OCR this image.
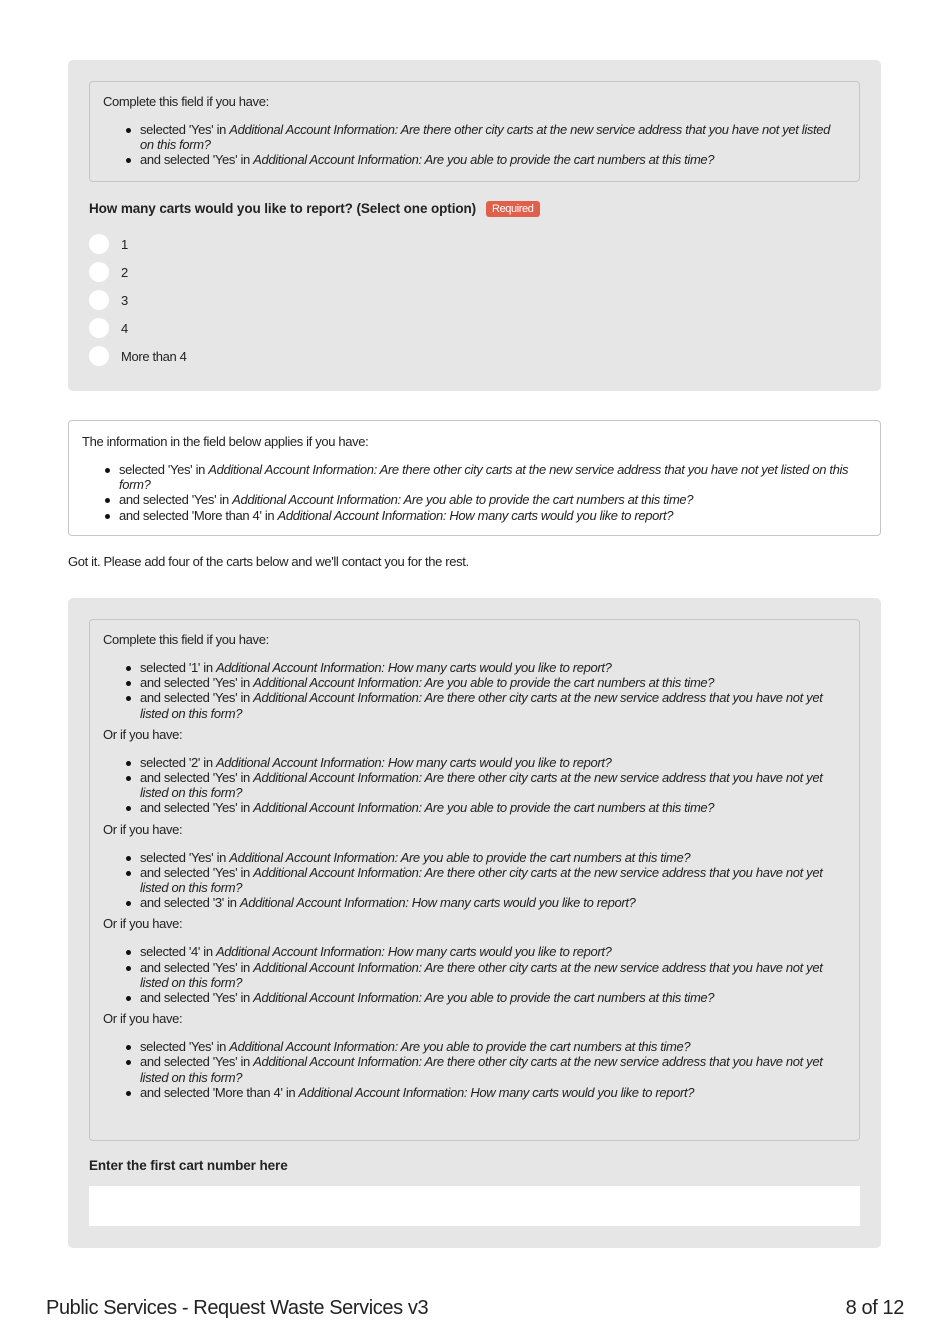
Complete this field if you have:

selected 'Yes' in Additional Account Information: Are there other city carts at the new service address that you have not yet listed on this form?
and selected 'Yes' in Additional Account Information: Are you able to provide the cart numbers at this time?
How many carts would you like to report? (Select one option) Required
1
2
3
4
More than 4

The information in the field below applies if you have:

selected 'Yes' in Additional Account Information: Are there other city carts at the new service address that you have not yet listed on this form?
and selected 'Yes' in Additional Account Information: Are you able to provide the cart numbers at this time?
and selected 'More than 4' in Additional Account Information: How many carts would you like to report?
Got it. Please add four of the carts below and we'll contact you for the rest.

Complete this field if you have:

selected '1' in Additional Account Information: How many carts would you like to report?
and selected 'Yes' in Additional Account Information: Are you able to provide the cart numbers at this time?
and selected 'Yes' in Additional Account Information: Are there other city carts at the new service address that you have not yet listed on this form?

Or if you have:

selected '2' in Additional Account Information: How many carts would you like to report?
and selected 'Yes' in Additional Account Information: Are there other city carts at the new service address that you have not yet listed on this form?
and selected 'Yes' in Additional Account Information: Are you able to provide the cart numbers at this time?

Or if you have:

selected 'Yes' in Additional Account Information: Are you able to provide the cart numbers at this time?
and selected 'Yes' in Additional Account Information: Are there other city carts at the new service address that you have not yet listed on this form?
and selected '3' in Additional Account Information: How many carts would you like to report?

Or if you have:

selected '4' in Additional Account Information: How many carts would you like to report?
and selected 'Yes' in Additional Account Information: Are there other city carts at the new service address that you have not yet listed on this form?
and selected 'Yes' in Additional Account Information: Are you able to provide the cart numbers at this time?

Or if you have:

selected 'Yes' in Additional Account Information: Are you able to provide the cart numbers at this time?
and selected 'Yes' in Additional Account Information: Are there other city carts at the new service address that you have not yet listed on this form?
and selected 'More than 4' in Additional Account Information: How many carts would you like to report?
Enter the first cart number here
Public Services - Request Waste Services v3	8 of 12
